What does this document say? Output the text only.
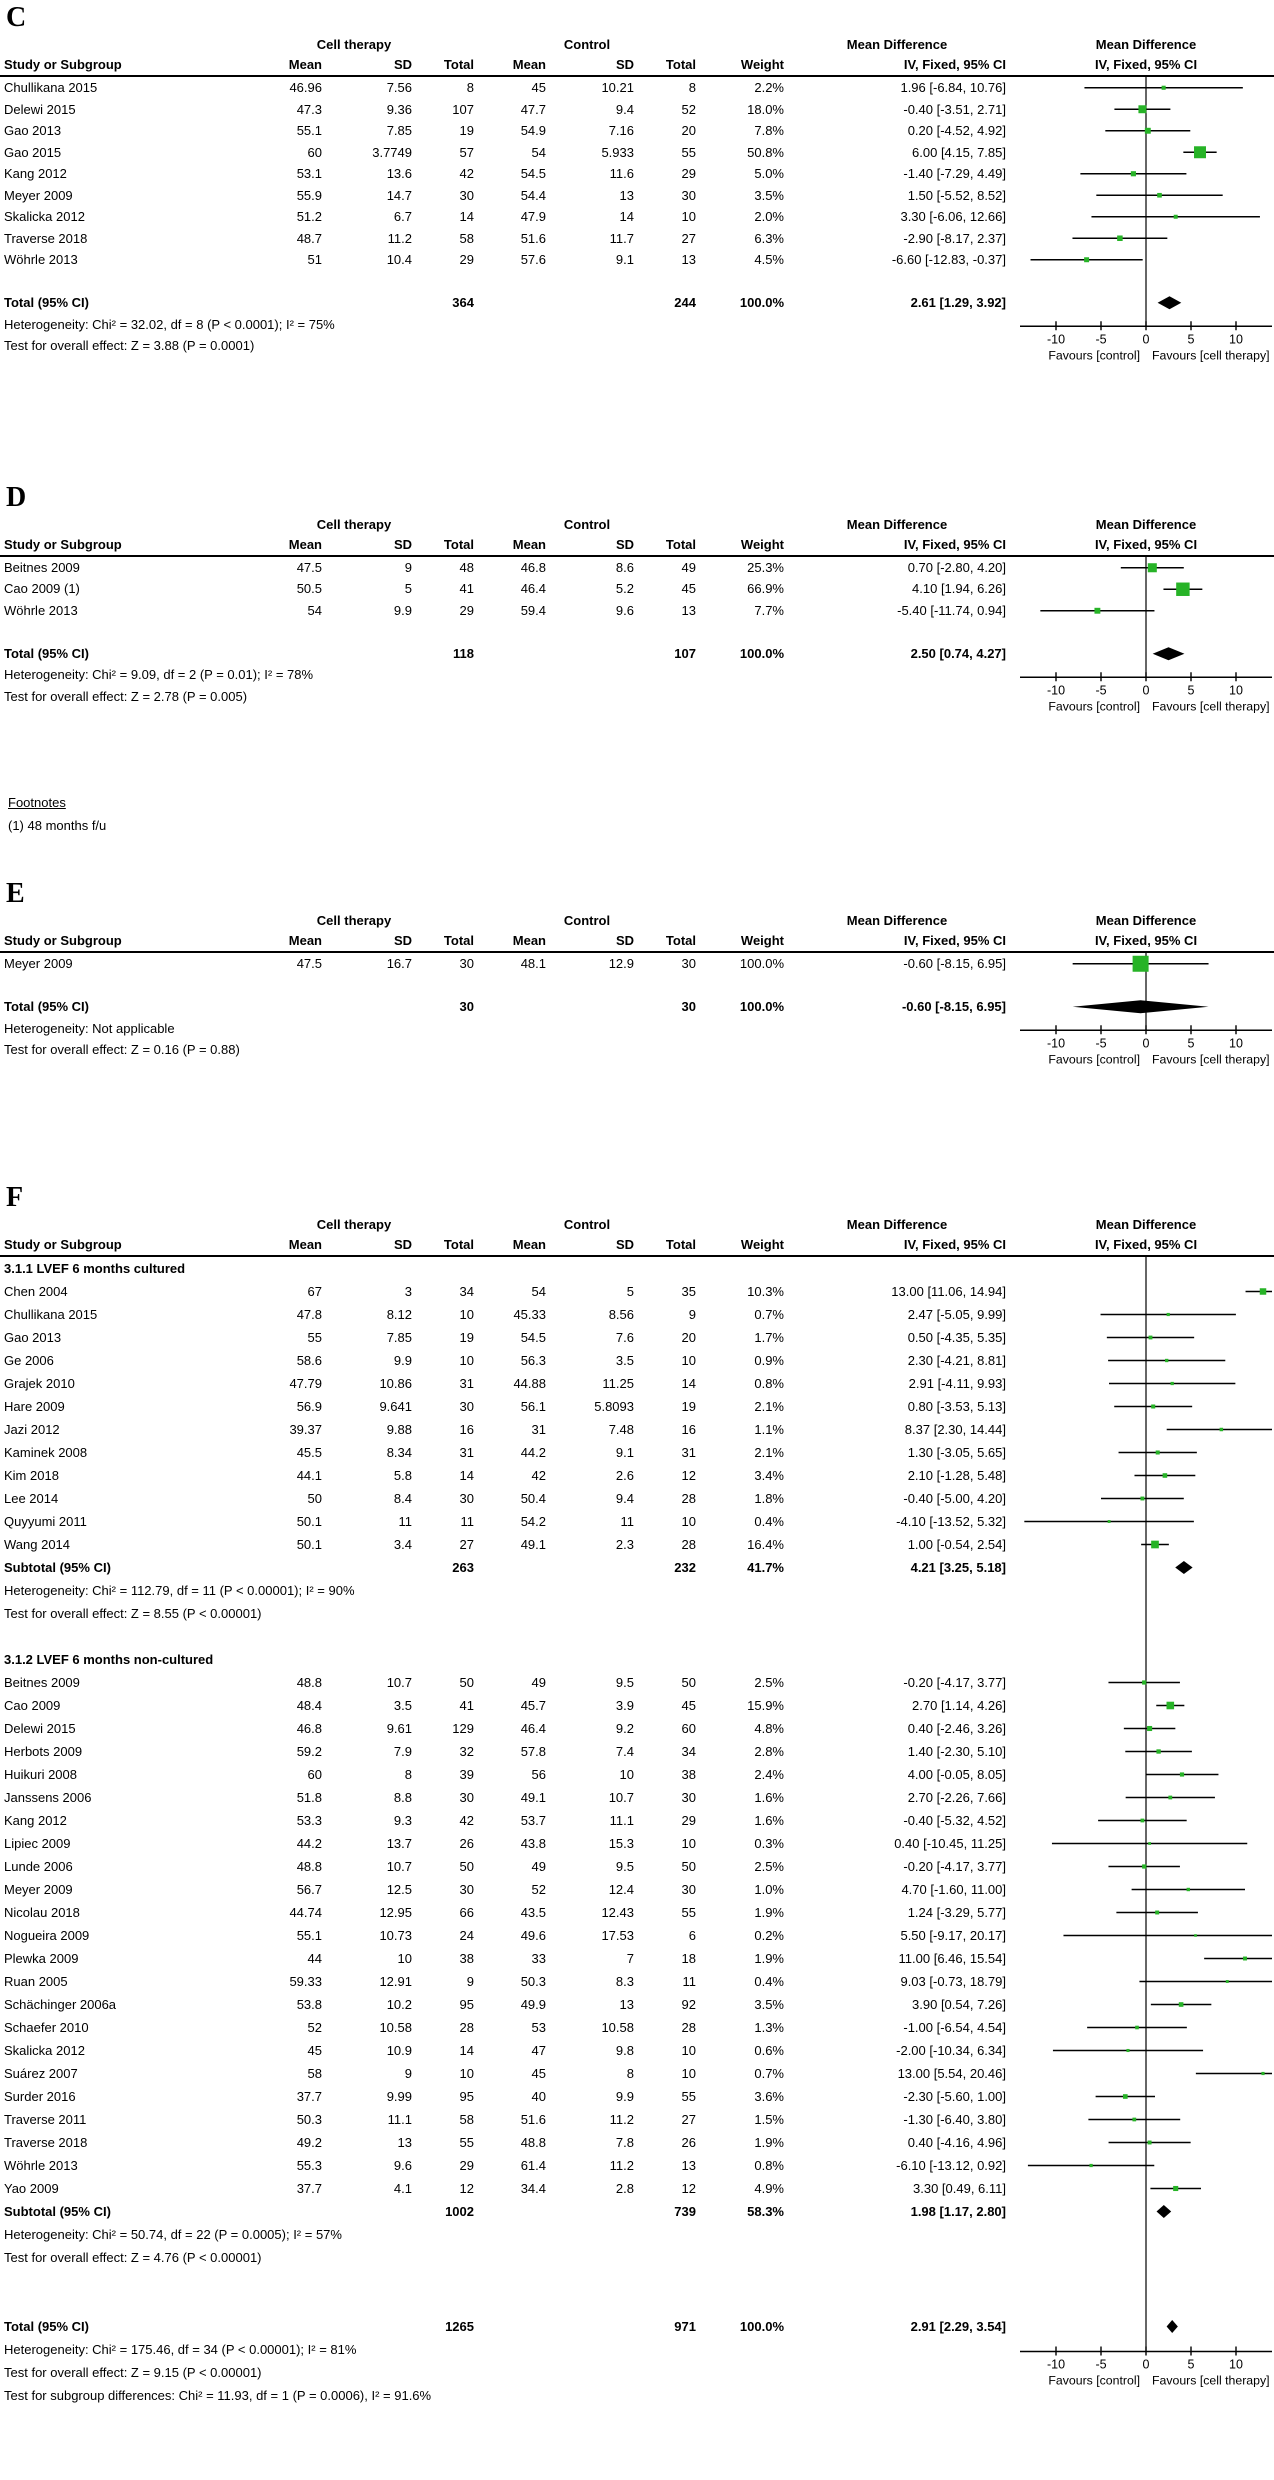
C
-10 -5	0	5	10
Favours [control] Favours [cell therapy]
Cell therapy	Control	Mean Difference	Mean Difference
Study or Subgroup	Mean	SD	Total	Mean	SD	Total	Weight	IV, Fixed, 95% CI	IV, Fixed, 95% CI
Chullikana 2015	46.96	7.56	8	45	10.21	8	2.2%	1.96 [-6.84, 10.76]
Delewi 2015	47.3	9.36	107	47.7	9.4	52	18.0%	-0.40 [-3.51, 2.71]
Gao 2013	55.1	7.85	19	54.9	7.16	20	7.8%	0.20 [-4.52, 4.92]
Gao 2015	60	3.7749	57	54	5.933	55	50.8%	6.00 [4.15, 7.85]
Kang 2012	53.1	13.6	42	54.5	11.6	29	5.0%	-1.40 [-7.29, 4.49]
Meyer 2009	55.9	14.7	30	54.4	13	30	3.5%	1.50 [-5.52, 8.52]
Skalicka 2012	51.2	6.7	14	47.9	14	10	2.0%	3.30 [-6.06, 12.66]
Traverse 2018	48.7	11.2	58	51.6	11.7	27	6.3%	-2.90 [-8.17, 2.37]
Wöhrle 2013	51	10.4	29	57.6	9.1	13	4.5%	-6.60 [-12.83, -0.37]
Total (95% CI)	364	244	100.0%	2.61 [1.29, 3.92]
Heterogeneity: Chi² = 32.02, df = 8 (P < 0.0001); I² = 75%
Test for overall effect: Z = 3.88 (P = 0.0001)
D
-10 -5	0	5	10
Favours [control] Favours [cell therapy]
Cell therapy	Control	Mean Difference	Mean Difference
Study or Subgroup	Mean	SD	Total	Mean	SD	Total	Weight	IV, Fixed, 95% CI	IV, Fixed, 95% CI
Beitnes 2009	47.5	9	48	46.8	8.6	49	25.3%	0.70 [-2.80, 4.20]
Cao 2009 (1)	50.5	5	41	46.4	5.2	45	66.9%	4.10 [1.94, 6.26]
Wöhrle 2013	54	9.9	29	59.4	9.6	13	7.7%	-5.40 [-11.74, 0.94]
Total (95% CI)	118	107	100.0%	2.50 [0.74, 4.27]
Heterogeneity: Chi² = 9.09, df = 2 (P = 0.01); I² = 78%
Test for overall effect: Z = 2.78 (P = 0.005)
Footnotes
(1) 48 months f/u
E
-10 -5	0	5	10
Favours [control] Favours [cell therapy]
Cell therapy	Control	Mean Difference	Mean Difference
Study or Subgroup	Mean	SD	Total	Mean	SD	Total	Weight	IV, Fixed, 95% CI	IV, Fixed, 95% CI
Meyer 2009	47.5	16.7	30	48.1	12.9	30	100.0%	-0.60 [-8.15, 6.95]
Total (95% CI)	30	30	100.0%	-0.60 [-8.15, 6.95]
Heterogeneity: Not applicable
Test for overall effect: Z = 0.16 (P = 0.88)
F
-10 -5	0	5	10
Favours [control] Favours [cell therapy]
Cell therapy	Control	Mean Difference	Mean Difference
Study or Subgroup	Mean	SD	Total	Mean	SD	Total	Weight	IV, Fixed, 95% CI	IV, Fixed, 95% CI
3.1.1 LVEF 6 months cultured
Chen 2004	67	3	34	54	5	35	10.3%	13.00 [11.06, 14.94]
Chullikana 2015	47.8	8.12	10	45.33	8.56	9	0.7%	2.47 [-5.05, 9.99]
Gao 2013	55	7.85	19	54.5	7.6	20	1.7%	0.50 [-4.35, 5.35]
Ge 2006	58.6	9.9	10	56.3	3.5	10	0.9%	2.30 [-4.21, 8.81]
Grajek 2010	47.79	10.86	31	44.88	11.25	14	0.8%	2.91 [-4.11, 9.93]
Hare 2009	56.9	9.641	30	56.1	5.8093	19	2.1%	0.80 [-3.53, 5.13]
Jazi 2012	39.37	9.88	16	31	7.48	16	1.1%	8.37 [2.30, 14.44]
Kaminek 2008	45.5	8.34	31	44.2	9.1	31	2.1%	1.30 [-3.05, 5.65]
Kim 2018	44.1	5.8	14	42	2.6	12	3.4%	2.10 [-1.28, 5.48]
Lee 2014	50	8.4	30	50.4	9.4	28	1.8%	-0.40 [-5.00, 4.20]
Quyyumi 2011	50.1	11	11	54.2	11	10	0.4%	-4.10 [-13.52, 5.32]
Wang 2014	50.1	3.4	27	49.1	2.3	28	16.4%	1.00 [-0.54, 2.54]
Subtotal (95% CI)	263	232	41.7%	4.21 [3.25, 5.18]
Heterogeneity: Chi² = 112.79, df = 11 (P < 0.00001); I² = 90%
Test for overall effect: Z = 8.55 (P < 0.00001)
3.1.2 LVEF 6 months non-cultured
Beitnes 2009	48.8	10.7	50	49	9.5	50	2.5%	-0.20 [-4.17, 3.77]
Cao 2009	48.4	3.5	41	45.7	3.9	45	15.9%	2.70 [1.14, 4.26]
Delewi 2015	46.8	9.61	129	46.4	9.2	60	4.8%	0.40 [-2.46, 3.26]
Herbots 2009	59.2	7.9	32	57.8	7.4	34	2.8%	1.40 [-2.30, 5.10]
Huikuri 2008	60	8	39	56	10	38	2.4%	4.00 [-0.05, 8.05]
Janssens 2006	51.8	8.8	30	49.1	10.7	30	1.6%	2.70 [-2.26, 7.66]
Kang 2012	53.3	9.3	42	53.7	11.1	29	1.6%	-0.40 [-5.32, 4.52]
Lipiec 2009	44.2	13.7	26	43.8	15.3	10	0.3%	0.40 [-10.45, 11.25]
Lunde 2006	48.8	10.7	50	49	9.5	50	2.5%	-0.20 [-4.17, 3.77]
Meyer 2009	56.7	12.5	30	52	12.4	30	1.0%	4.70 [-1.60, 11.00]
Nicolau 2018	44.74	12.95	66	43.5	12.43	55	1.9%	1.24 [-3.29, 5.77]
Nogueira 2009	55.1	10.73	24	49.6	17.53	6	0.2%	5.50 [-9.17, 20.17]
Plewka 2009	44	10	38	33	7	18	1.9%	11.00 [6.46, 15.54]
Ruan 2005	59.33	12.91	9	50.3	8.3	11	0.4%	9.03 [-0.73, 18.79]
Schächinger 2006a	53.8	10.2	95	49.9	13	92	3.5%	3.90 [0.54, 7.26]
Schaefer 2010	52	10.58	28	53	10.58	28	1.3%	-1.00 [-6.54, 4.54]
Skalicka 2012	45	10.9	14	47	9.8	10	0.6%	-2.00 [-10.34, 6.34]
Suárez 2007	58	9	10	45	8	10	0.7%	13.00 [5.54, 20.46]
Surder 2016	37.7	9.99	95	40	9.9	55	3.6%	-2.30 [-5.60, 1.00]
Traverse 2011	50.3	11.1	58	51.6	11.2	27	1.5%	-1.30 [-6.40, 3.80]
Traverse 2018	49.2	13	55	48.8	7.8	26	1.9%	0.40 [-4.16, 4.96]
Wöhrle 2013	55.3	9.6	29	61.4	11.2	13	0.8%	-6.10 [-13.12, 0.92]
Yao 2009	37.7	4.1	12	34.4	2.8	12	4.9%	3.30 [0.49, 6.11]
Subtotal (95% CI)	1002	739	58.3%	1.98 [1.17, 2.80]
Heterogeneity: Chi² = 50.74, df = 22 (P = 0.0005); I² = 57%
Test for overall effect: Z = 4.76 (P < 0.00001)
Total (95% CI)	1265	971	100.0%	2.91 [2.29, 3.54]
Heterogeneity: Chi² = 175.46, df = 34 (P < 0.00001); I² = 81%
Test for overall effect: Z = 9.15 (P < 0.00001)
Test for subgroup differences: Chi² = 11.93, df = 1 (P = 0.0006), I² = 91.6%
